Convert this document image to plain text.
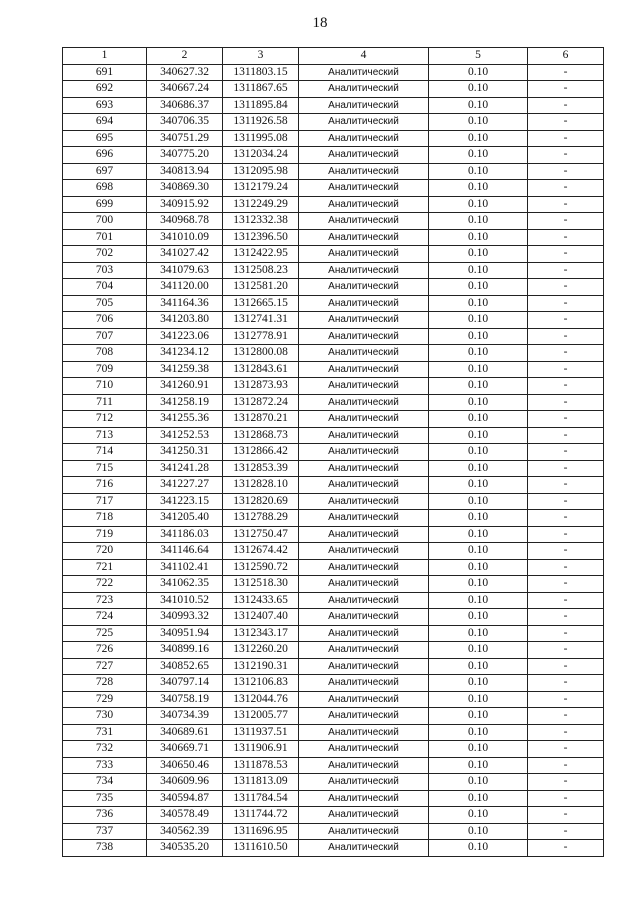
18
1	2	3	4	5	6
691	340627.32	1311803.15	Аналитический	0.10	-
692	340667.24	1311867.65	Аналитический	0.10	-
693	340686.37	1311895.84	Аналитический	0.10	-
694	340706.35	1311926.58	Аналитический	0.10	-
695	340751.29	1311995.08	Аналитический	0.10	-
696	340775.20	1312034.24	Аналитический	0.10	-
697	340813.94	1312095.98	Аналитический	0.10	-
698	340869.30	1312179.24	Аналитический	0.10	-
699	340915.92	1312249.29	Аналитический	0.10	-
700	340968.78	1312332.38	Аналитический	0.10	-
701	341010.09	1312396.50	Аналитический	0.10	-
702	341027.42	1312422.95	Аналитический	0.10	-
703	341079.63	1312508.23	Аналитический	0.10	-
704	341120.00	1312581.20	Аналитический	0.10	-
705	341164.36	1312665.15	Аналитический	0.10	-
706	341203.80	1312741.31	Аналитический	0.10	-
707	341223.06	1312778.91	Аналитический	0.10	-
708	341234.12	1312800.08	Аналитический	0.10	-
709	341259.38	1312843.61	Аналитический	0.10	-
710	341260.91	1312873.93	Аналитический	0.10	-
711	341258.19	1312872.24	Аналитический	0.10	-
712	341255.36	1312870.21	Аналитический	0.10	-
713	341252.53	1312868.73	Аналитический	0.10	-
714	341250.31	1312866.42	Аналитический	0.10	-
715	341241.28	1312853.39	Аналитический	0.10	-
716	341227.27	1312828.10	Аналитический	0.10	-
717	341223.15	1312820.69	Аналитический	0.10	-
718	341205.40	1312788.29	Аналитический	0.10	-
719	341186.03	1312750.47	Аналитический	0.10	-
720	341146.64	1312674.42	Аналитический	0.10	-
721	341102.41	1312590.72	Аналитический	0.10	-
722	341062.35	1312518.30	Аналитический	0.10	-
723	341010.52	1312433.65	Аналитический	0.10	-
724	340993.32	1312407.40	Аналитический	0.10	-
725	340951.94	1312343.17	Аналитический	0.10	-
726	340899.16	1312260.20	Аналитический	0.10	-
727	340852.65	1312190.31	Аналитический	0.10	-
728	340797.14	1312106.83	Аналитический	0.10	-
729	340758.19	1312044.76	Аналитический	0.10	-
730	340734.39	1312005.77	Аналитический	0.10	-
731	340689.61	1311937.51	Аналитический	0.10	-
732	340669.71	1311906.91	Аналитический	0.10	-
733	340650.46	1311878.53	Аналитический	0.10	-
734	340609.96	1311813.09	Аналитический	0.10	-
735	340594.87	1311784.54	Аналитический	0.10	-
736	340578.49	1311744.72	Аналитический	0.10	-
737	340562.39	1311696.95	Аналитический	0.10	-
738	340535.20	1311610.50	Аналитический	0.10	-
